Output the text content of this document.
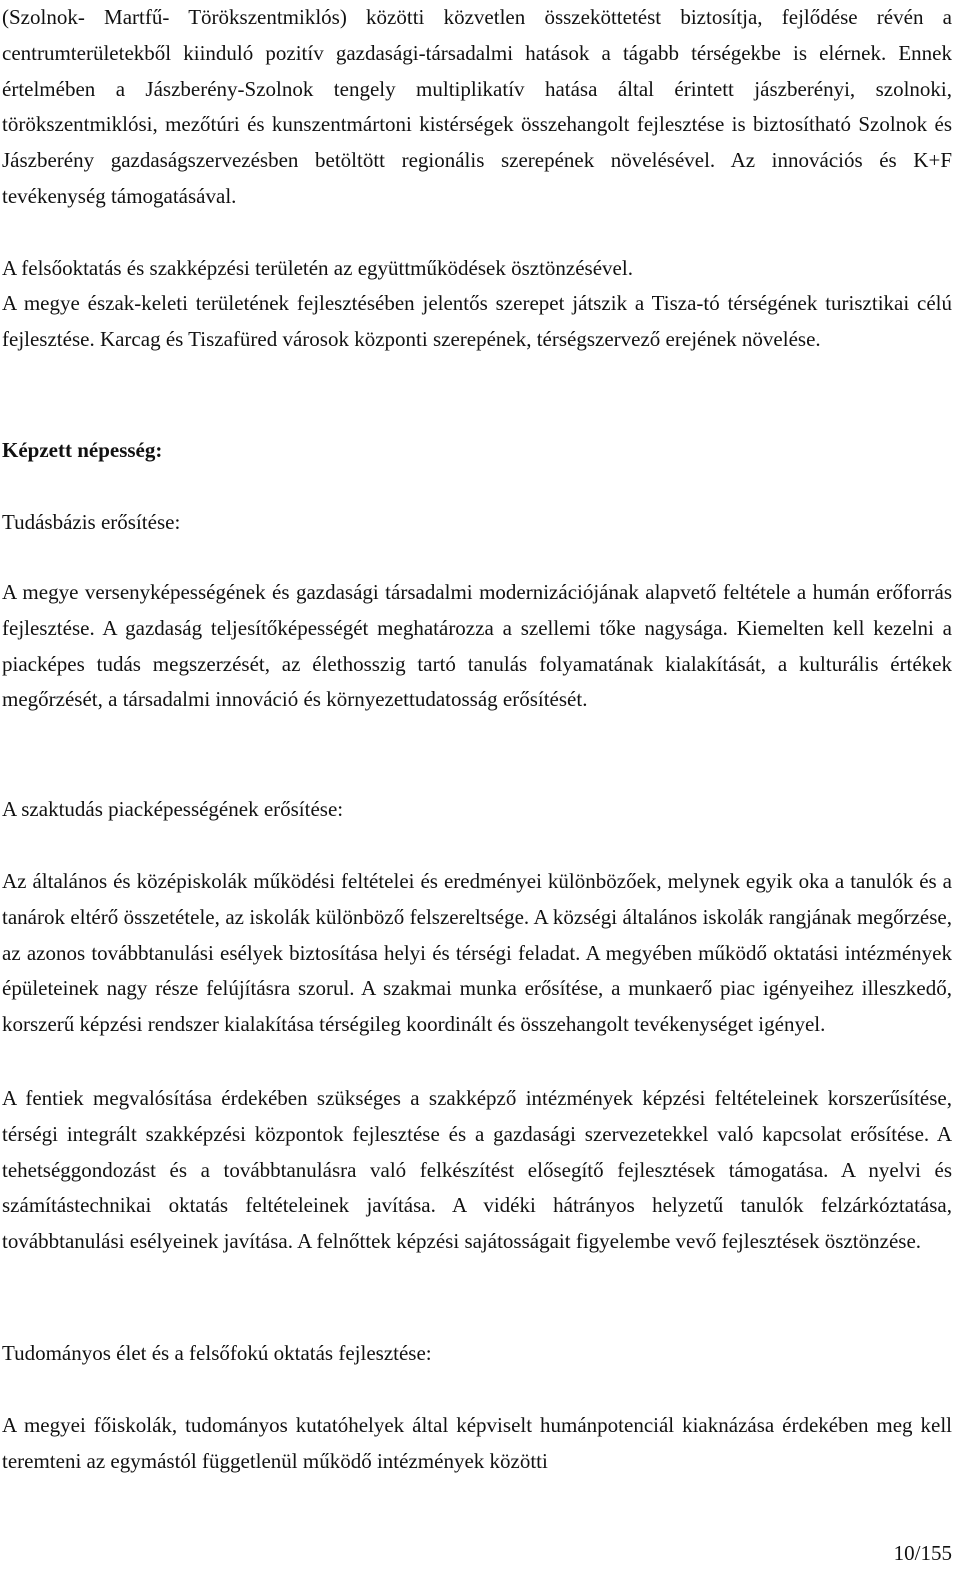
(Szolnok- Martfű- Törökszentmiklós) közötti közvetlen összeköttetést biztosítja, fejlődése révén a centrumterületekből kiinduló pozitív gazdasági-társadalmi hatások a tágabb térségekbe is elérnek. Ennek értelmében a Jászberény-Szolnok tengely multiplikatív hatása által érintett jászberényi, szolnoki, törökszentmiklósi, mezőtúri és kunszentmártoni kistérségek összehangolt fejlesztése is biztosítható Szolnok és Jászberény gazdaságszervezésben betöltött regionális szerepének növelésével. Az innovációs és K+F tevékenység támogatásával.

A felsőoktatás és szakképzési területén az együttműködések ösztönzésével.

A megye észak-keleti területének fejlesztésében jelentős szerepet játszik a Tisza-tó térségének turisztikai célú fejlesztése. Karcag és Tiszafüred városok központi szerepének, térségszervező erejének növelése.

Képzett népesség:

Tudásbázis erősítése:

A megye versenyképességének és gazdasági társadalmi modernizációjának alapvető feltétele a humán erőforrás fejlesztése. A gazdaság teljesítőképességét meghatározza a szellemi tőke nagysága. Kiemelten kell kezelni a piacképes tudás megszerzését, az élethosszig tartó tanulás folyamatának kialakítását, a kulturális értékek megőrzését, a társadalmi innováció és környezettudatosság erősítését.

A szaktudás piacképességének erősítése:

Az általános és középiskolák működési feltételei és eredményei különbözőek, melynek egyik oka a tanulók és a tanárok eltérő összetétele, az iskolák különböző felszereltsége. A községi általános iskolák rangjának megőrzése, az azonos továbbtanulási esélyek biztosítása helyi és térségi feladat. A megyében működő oktatási intézmények épületeinek nagy része felújításra szorul. A szakmai munka erősítése, a munkaerő piac igényeihez illeszkedő, korszerű képzési rendszer kialakítása térségileg koordinált és összehangolt tevékenységet igényel.

A fentiek megvalósítása érdekében szükséges a szakképző intézmények képzési feltételeinek korszerűsítése, térségi integrált szakképzési központok fejlesztése és a gazdasági szervezetekkel való kapcsolat erősítése. A tehetséggondozást és a továbbtanulásra való felkészítést elősegítő fejlesztések támogatása. A nyelvi és számítástechnikai oktatás feltételeinek javítása. A vidéki hátrányos helyzetű tanulók felzárkóztatása, továbbtanulási esélyeinek javítása. A felnőttek képzési sajátosságait figyelembe vevő fejlesztések ösztönzése.

Tudományos élet és a felsőfokú oktatás fejlesztése:

A megyei főiskolák, tudományos kutatóhelyek által képviselt humánpotenciál kiaknázása érdekében meg kell teremteni az egymástól függetlenül működő intézmények közötti

10/155
